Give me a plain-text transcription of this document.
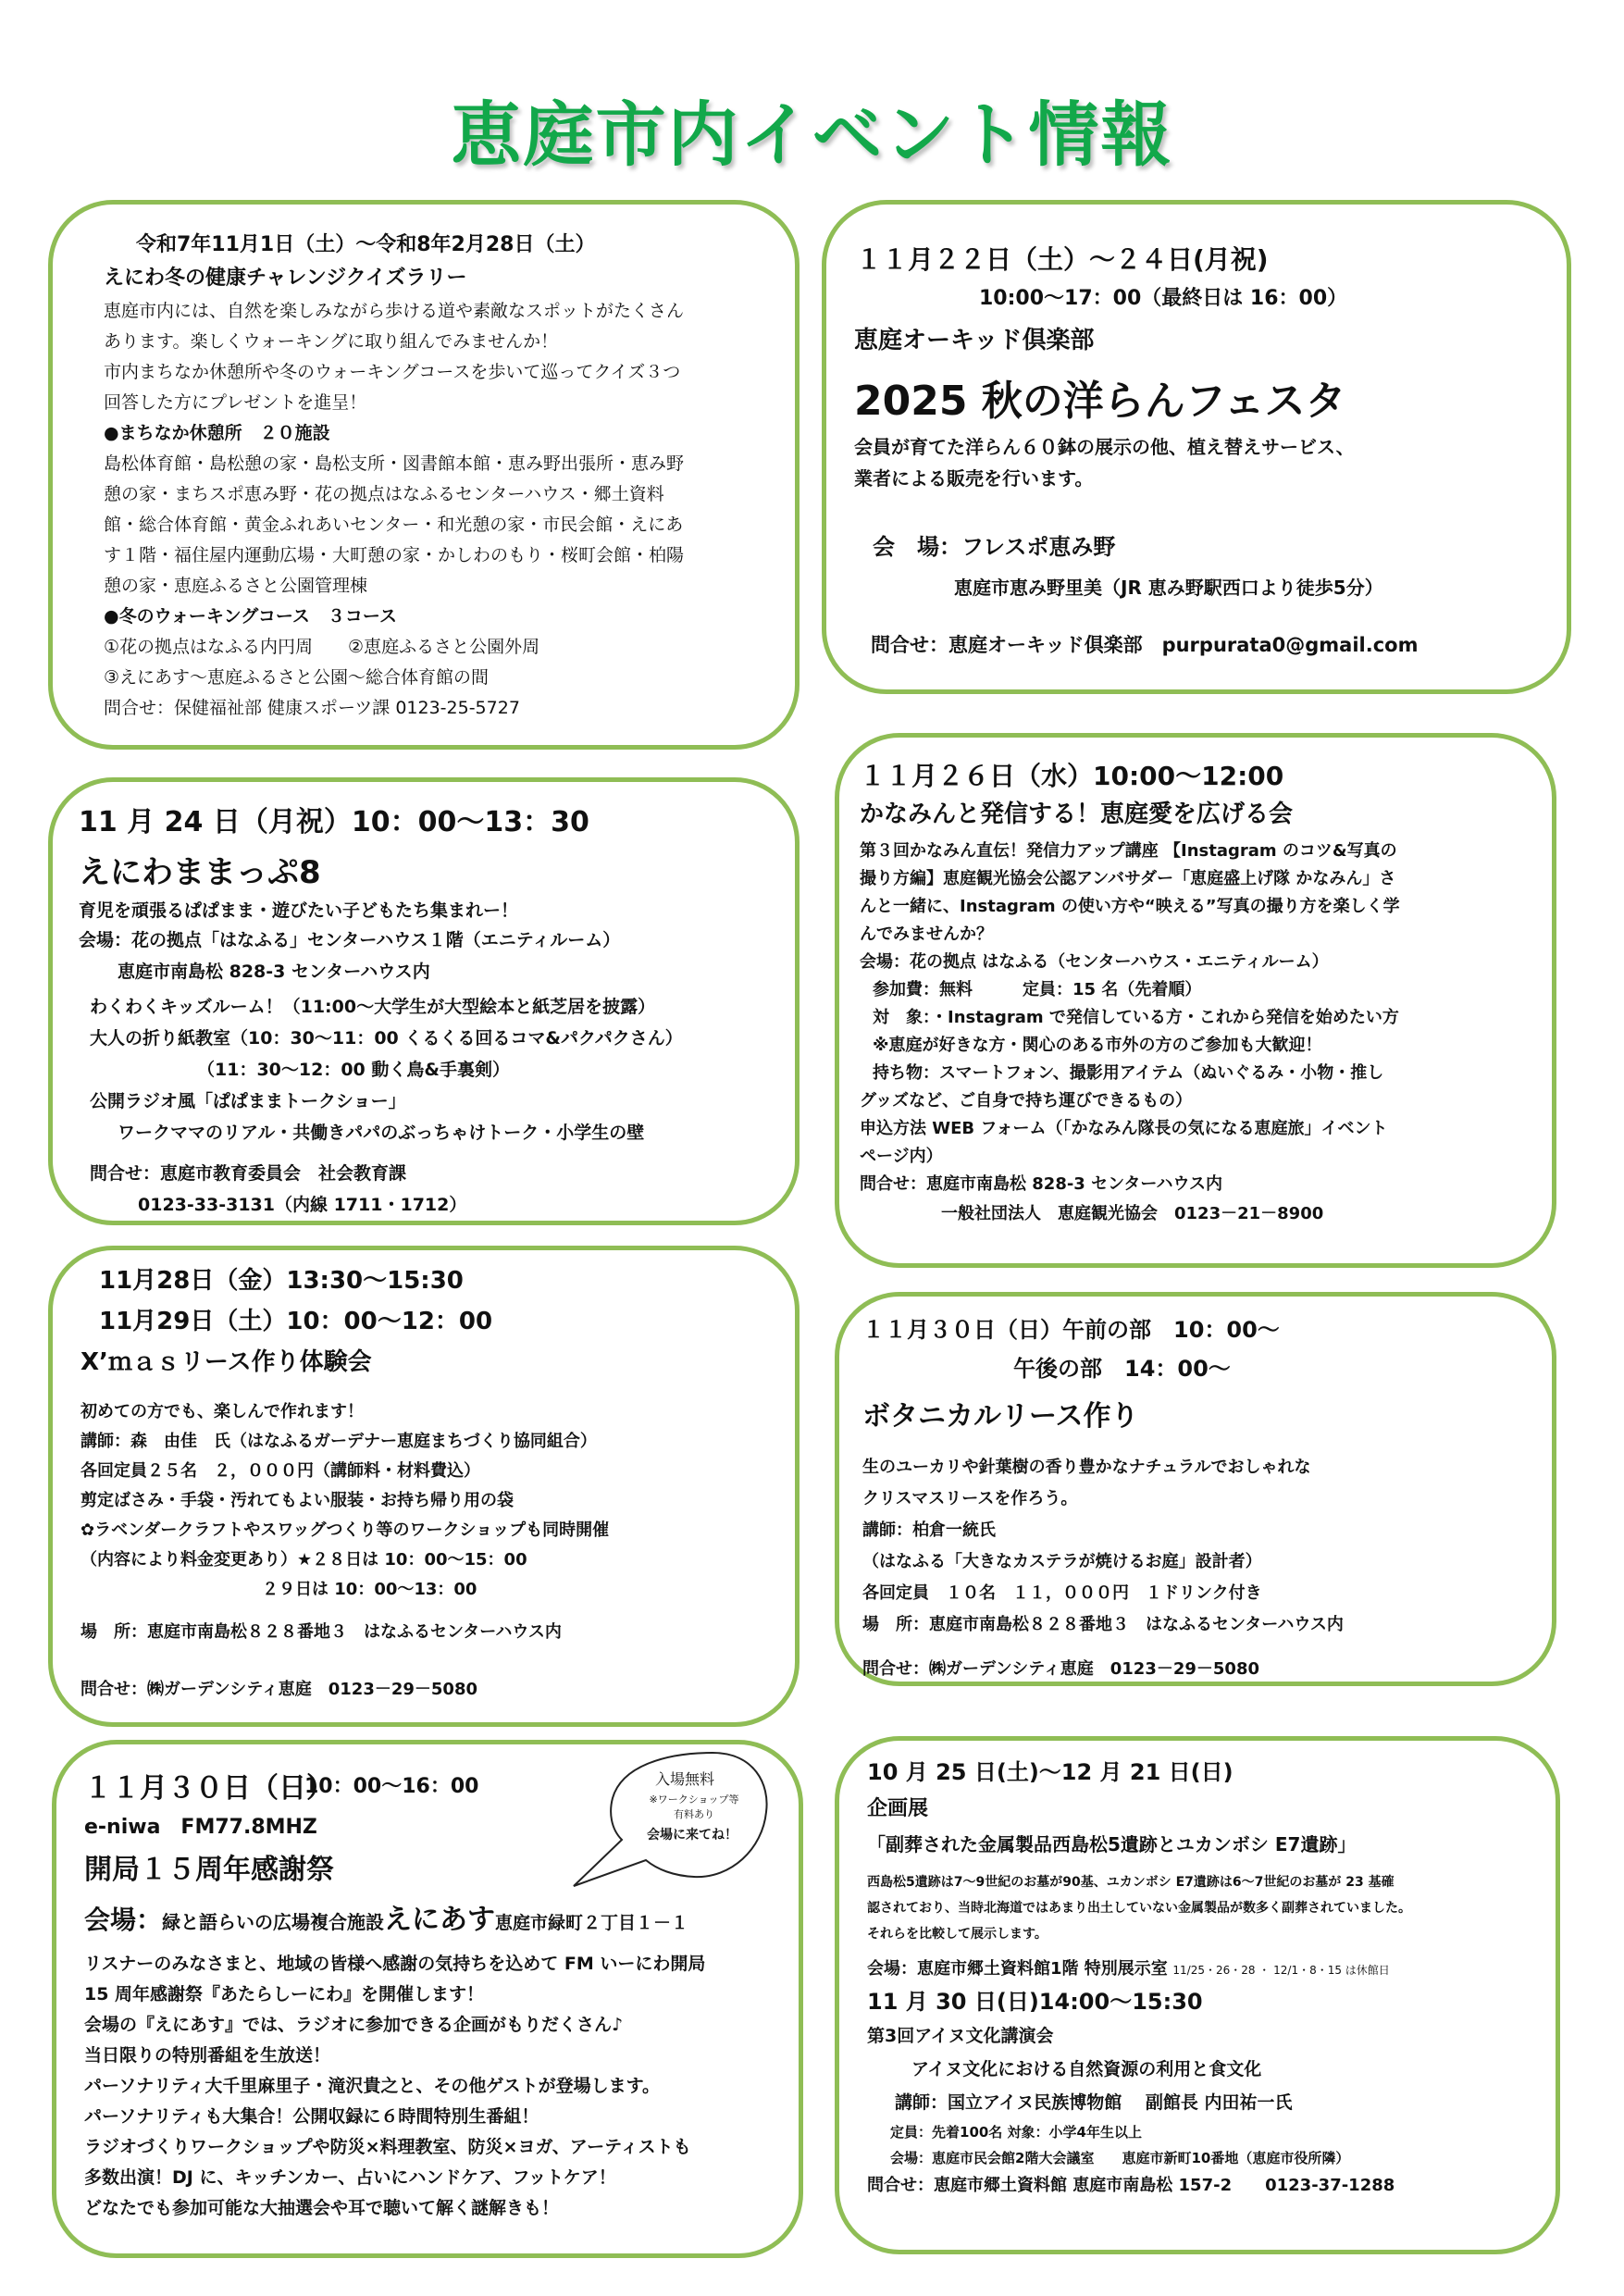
恵庭市内イベント情報
令和7年11月1日（土）～令和8年2月28日（土）
えにわ冬の健康チャレンジクイズラリー
恵庭市内には、自然を楽しみながら歩ける道や素敵なスポットがたくさん
あります。楽しくウォーキングに取り組んでみませんか！
市内まちなか休憩所や冬のウォーキングコースを歩いて巡ってクイズ３つ
回答した方にプレゼントを進呈！
●まちなか休憩所　２０施設
島松体育館・島松憩の家・島松支所・図書館本館・恵み野出張所・恵み野
憩の家・まちスポ恵み野・花の拠点はなふるセンターハウス・郷土資料
館・総合体育館・黄金ふれあいセンター・和光憩の家・市民会館・えにあ
す１階・福住屋内運動広場・大町憩の家・かしわのもり・桜町会館・柏陽
憩の家・恵庭ふるさと公園管理棟
●冬のウォーキングコース　３コース
①花の拠点はなふる内円周　　②恵庭ふるさと公園外周
③えにあす～恵庭ふるさと公園～総合体育館の間
問合せ：保健福祉部 健康スポーツ課 0123-25-5727
１１月２２日（土）～２４日(月祝)
10:00～17：00（最終日は 16：00）
恵庭オーキッド倶楽部
2025 秋の洋らんフェスタ
会員が育てた洋らん６０鉢の展示の他、植え替えサービス、
業者による販売を行います。
会　場：フレスポ恵み野
恵庭市恵み野里美（JR 恵み野駅西口より徒歩5分）
問合せ：恵庭オーキッド倶楽部　purpurata0@gmail.com
11 月 24 日（月祝）10：00～13：30
えにわままっぷ8
育児を頑張るぱぱまま・遊びたい子どもたち集まれー！
会場：花の拠点「はなふる」センターハウス１階（エニティルーム）
恵庭市南島松 828-3 センターハウス内
わくわくキッズルーム！（11:00～大学生が大型絵本と紙芝居を披露）
大人の折り紙教室（10：30～11：00 くるくる回るコマ&パクパクさん）
（11：30～12：00 動く鳥&手裏剣）
公開ラジオ風「ぱぱままトークショー」
ワークママのリアル・共働きパパのぶっちゃけトーク・小学生の壁
問合せ：恵庭市教育委員会　社会教育課
0123-33-3131（内線 1711・1712）
１１月２６日（水）10:00～12:00
かなみんと発信する！恵庭愛を広げる会
第３回かなみん直伝！発信力アップ講座 【Instagram のコツ&写真の
撮り方編】恵庭観光協会公認アンバサダー「恵庭盛上げ隊 かなみん」さ
んと一緒に、Instagram の使い方や“映える”写真の撮り方を楽しく学
んでみませんか？
会場：花の拠点 はなふる（センターハウス・エニティルーム）
参加費：無料　　　定員：15 名（先着順）
対　象：・Instagram で発信している方・これから発信を始めたい方
※恵庭が好きな方・関心のある市外の方のご参加も大歓迎！
持ち物：スマートフォン、撮影用アイテム（ぬいぐるみ・小物・推し
グッズなど、ご自身で持ち運びできるもの）
申込方法 WEB フォーム（「かなみん隊長の気になる恵庭旅」イベント
ページ内）
問合せ：恵庭市南島松 828-3 センターハウス内
一般社団法人　恵庭観光協会　0123－21－8900
11月28日（金）13:30～15:30
11月29日（土）10：00～12：00
X’ｍａｓリース作り体験会
初めての方でも、楽しんで作れます！
講師：森　由佳　氏（はなふるガーデナー恵庭まちづくり協同組合）
各回定員２５名　２，０００円（講師料・材料費込）
剪定ばさみ・手袋・汚れてもよい服装・お持ち帰り用の袋
✿ラベンダークラフトやスワッグつくり等のワークショップも同時開催
（内容により料金変更あり）★２８日は 10：00～15：00
２９日は 10：00～13：00
場　所：恵庭市南島松８２８番地３　はなふるセンターハウス内
問合せ：㈱ガーデンシティ恵庭　0123－29－5080
１１月３０日（日）午前の部　10：00～
午後の部　14：00～
ボタニカルリース作り
生のユーカリや針葉樹の香り豊かなナチュラルでおしゃれな
クリスマスリースを作ろう。
講師：柏倉一統氏
（はなふる「大きなカステラが焼けるお庭」設計者）
各回定員　１０名　１１，０００円　１ドリンク付き
場　所：恵庭市南島松８２８番地３　はなふるセンターハウス内
問合せ：㈱ガーデンシティ恵庭　0123－29－5080
１１月３０日（日）
10：00～16：00
e-niwa　FM77.8MHZ
開局１５周年感謝祭
会場：緑と語らいの広場複合施設えにあす恵庭市緑町２丁目１－１
リスナーのみなさまと、地域の皆様へ感謝の気持ちを込めて FM いーにわ開局
15 周年感謝祭『あたらしーにわ』を開催します！
会場の『えにあす』では、ラジオに参加できる企画がもりだくさん♪
当日限りの特別番組を生放送！
パーソナリティ大千里麻里子・滝沢貴之と、その他ゲストが登場します。
パーソナリティも大集合！公開収録に６時間特別生番組！
ラジオづくりワークショップや防災×料理教室、防災×ヨガ、アーティストも
多数出演！DJ に、キッチンカー、占いにハンドケア、フットケア！
どなたでも参加可能な大抽選会や耳で聴いて解く謎解きも！
入場無料
※ワークショップ等
有料あり
会場に来てね！
10 月 25 日(土)～12 月 21 日(日)
企画展
「副葬された金属製品西島松5遺跡とユカンボシ E7遺跡」
西島松5遺跡は7～9世紀のお墓が90基、ユカンボシ E7遺跡は6～7世紀のお墓が 23 基確
認されており、当時北海道ではあまり出土していない金属製品が数多く副葬されていました。
それらを比較して展示します。
会場：恵庭市郷土資料館1階 特別展示室 11/25・26・28 ・ 12/1・8・15 は休館日
11 月 30 日(日)14:00～15:30
第3回アイヌ文化講演会
アイヌ文化における自然資源の利用と食文化
講師：国立アイヌ民族博物館　 副館長 内田祐一氏
定員：先着100名 対象：小学4年生以上
会場：恵庭市民会館2階大会議室　　恵庭市新町10番地（恵庭市役所隣）
問合せ：恵庭市郷土資料館 恵庭市南島松 157-2　　0123-37-1288
